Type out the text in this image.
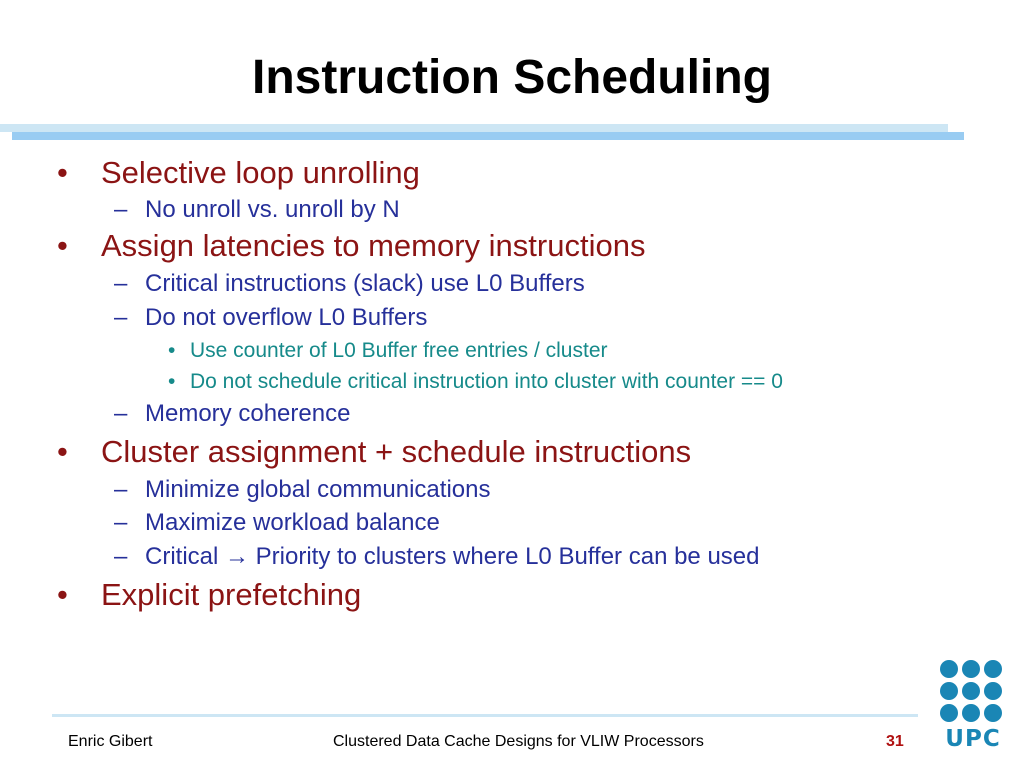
Instruction Scheduling
• Selective loop unrolling
– No unroll vs. unroll by N
• Assign latencies to memory instructions
– Critical instructions (slack) use L0 Buffers
– Do not overflow L0 Buffers
• Use counter of L0 Buffer free entries / cluster
• Do not schedule critical instruction into cluster with counter == 0
– Memory coherence
• Cluster assignment + schedule instructions
– Minimize global communications
– Maximize workload balance
– Critical → Priority to clusters where L0 Buffer can be used
• Explicit prefetching
UPC
Enric Gibert	Clustered Data Cache Designs for VLIW Processors	31
